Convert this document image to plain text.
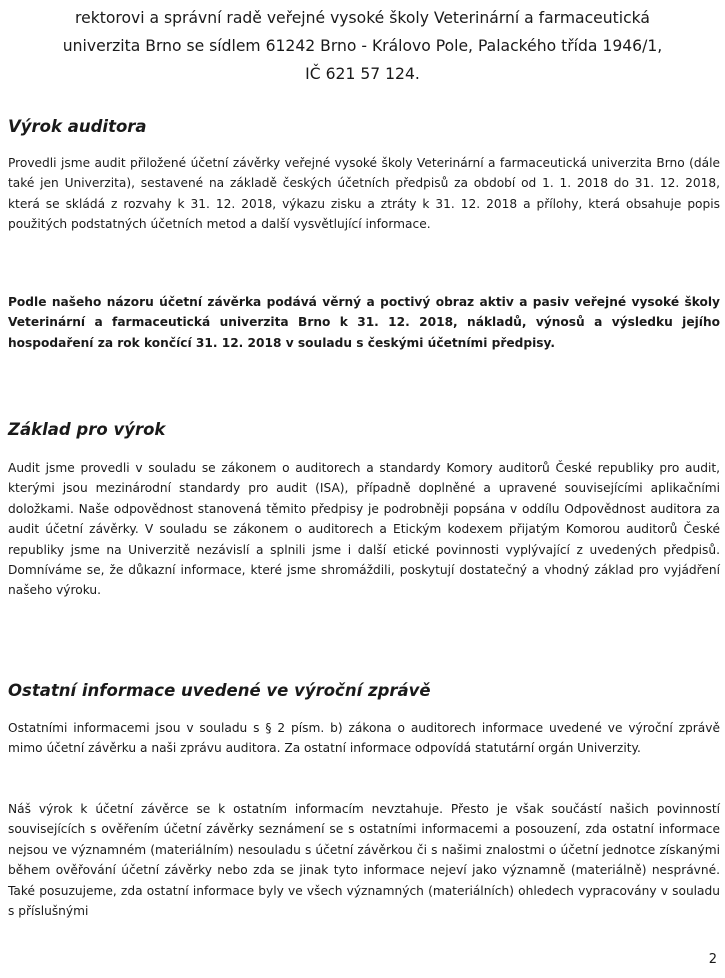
rektorovi a správní radě veřejné vysoké školy Veterinární a farmaceutická

univerzita Brno se sídlem 61242 Brno - Královo Pole, Palackého třída 1946/1,

IČ 621 57 124.

Výrok auditora

Provedli jsme audit přiložené účetní závěrky veřejné vysoké školy Veterinární a farmaceutická univerzita Brno (dále také jen Univerzita), sestavené na základě českých účetních předpisů za období od 1. 1. 2018 do 31. 12. 2018, která se skládá z rozvahy k 31. 12. 2018, výkazu zisku a ztráty k 31. 12. 2018 a přílohy, která obsahuje popis použitých podstatných účetních metod a další vysvětlující informace.

Podle našeho názoru účetní závěrka podává věrný a poctivý obraz aktiv a pasiv veřejné vysoké školy Veterinární a farmaceutická univerzita Brno k 31. 12. 2018, nákladů, výnosů a výsledku jejího hospodaření za rok končící 31. 12. 2018 v souladu s českými účetními předpisy.

Základ pro výrok

Audit jsme provedli v souladu se zákonem o auditorech a standardy Komory auditorů České republiky pro audit, kterými jsou mezinárodní standardy pro audit (ISA), případně doplněné a upravené souvisejícími aplikačními doložkami. Naše odpovědnost stanovená těmito předpisy je podrobněji popsána v oddílu Odpovědnost auditora za audit účetní závěrky. V souladu se zákonem o auditorech a Etickým kodexem přijatým Komorou auditorů České republiky jsme na Univerzitě nezávislí a splnili jsme i další etické povinnosti vyplývající z uvedených předpisů. Domníváme se, že důkazní informace, které jsme shromáždili, poskytují dostatečný a vhodný základ pro vyjádření našeho výroku.

Ostatní informace uvedené ve výroční zprávě

Ostatními informacemi jsou v souladu s § 2 písm. b) zákona o auditorech informace uvedené ve výroční zprávě mimo účetní závěrku a naši zprávu auditora. Za ostatní informace odpovídá statutární orgán Univerzity.

Náš výrok k účetní závěrce se k ostatním informacím nevztahuje. Přesto je však součástí našich povinností souvisejících s ověřením účetní závěrky seznámení se s ostatními informacemi a posouzení, zda ostatní informace nejsou ve významném (materiálním) nesouladu s účetní závěrkou či s našimi znalostmi o účetní jednotce získanými během ověřování účetní závěrky nebo zda se jinak tyto informace nejeví jako významně (materiálně) nesprávné. Také posuzujeme, zda ostatní informace byly ve všech významných (materiálních) ohledech vypracovány v souladu s příslušnými

2
